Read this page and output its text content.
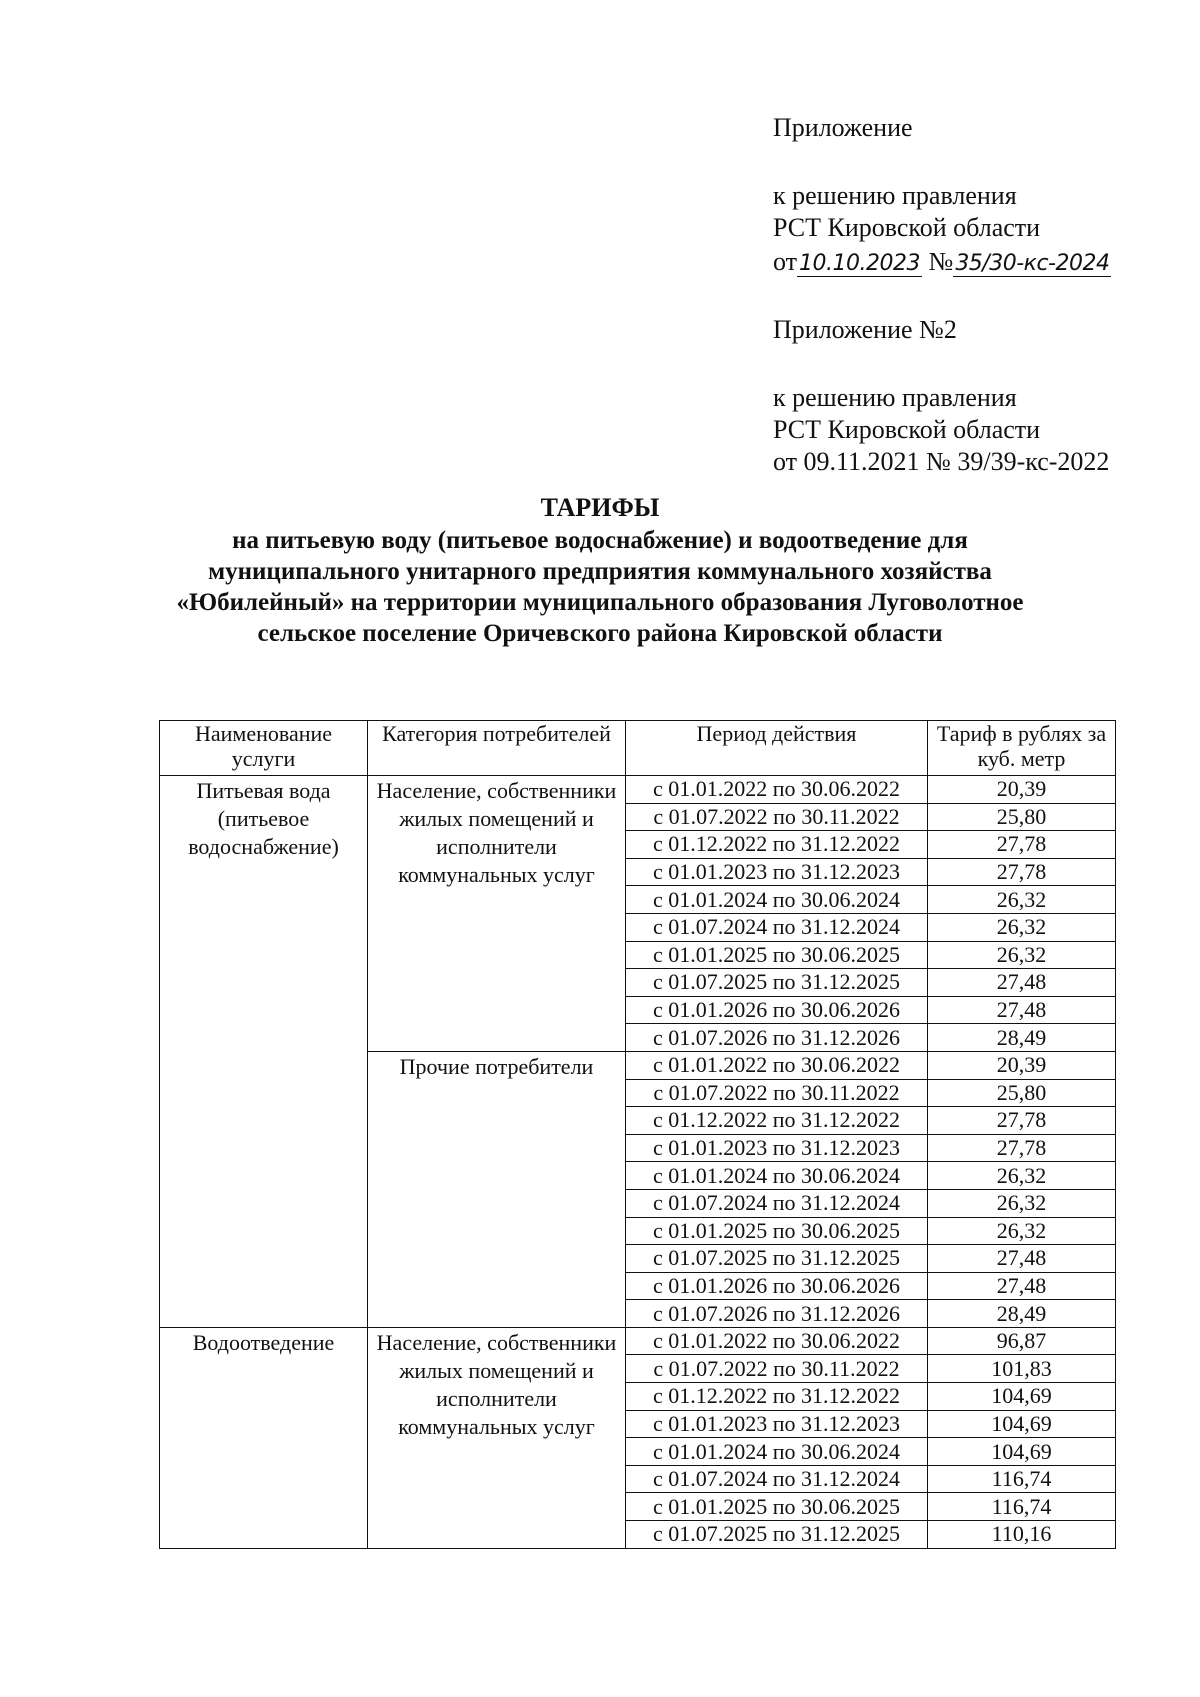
Приложение
к решению правления
РСТ Кировской области
от10.10.2023 №35/30-кс-2024
Приложение №2
к решению правления
РСТ Кировской области
от 09.11.2021 № 39/39-кс-2022
ТАРИФЫ
на питьевую воду (питьевое водоснабжение) и водоотведение для муниципального унитарного предприятия коммунального хозяйства «Юбилейный» на территории муниципального образования Луговолотное сельское поселение Оричевского района Кировской области
Наименование услуги	Категория потребителей	Период действия	Тариф в рублях за куб. метр
Питьевая вода (питьевое водоснабжение)	Население, собственники жилых помещений и исполнители коммунальных услуг	с 01.01.2022 по 30.06.2022	20,39
		с 01.07.2022 по 30.11.2022	25,80
		с 01.12.2022 по 31.12.2022	27,78
		с 01.01.2023 по 31.12.2023	27,78
		с 01.01.2024 по 30.06.2024	26,32
		с 01.07.2024 по 31.12.2024	26,32
		с 01.01.2025 по 30.06.2025	26,32
		с 01.07.2025 по 31.12.2025	27,48
		с 01.01.2026 по 30.06.2026	27,48
		с 01.07.2026 по 31.12.2026	28,49
	Прочие потребители	с 01.01.2022 по 30.06.2022	20,39
		с 01.07.2022 по 30.11.2022	25,80
		с 01.12.2022 по 31.12.2022	27,78
		с 01.01.2023 по 31.12.2023	27,78
		с 01.01.2024 по 30.06.2024	26,32
		с 01.07.2024 по 31.12.2024	26,32
		с 01.01.2025 по 30.06.2025	26,32
		с 01.07.2025 по 31.12.2025	27,48
		с 01.01.2026 по 30.06.2026	27,48
		с 01.07.2026 по 31.12.2026	28,49
Водоотведение	Население, собственники жилых помещений и исполнители коммунальных услуг	с 01.01.2022 по 30.06.2022	96,87
		с 01.07.2022 по 30.11.2022	101,83
		с 01.12.2022 по 31.12.2022	104,69
		с 01.01.2023 по 31.12.2023	104,69
		с 01.01.2024 по 30.06.2024	104,69
		с 01.07.2024 по 31.12.2024	116,74
		с 01.01.2025 по 30.06.2025	116,74
		с 01.07.2025 по 31.12.2025	110,16
